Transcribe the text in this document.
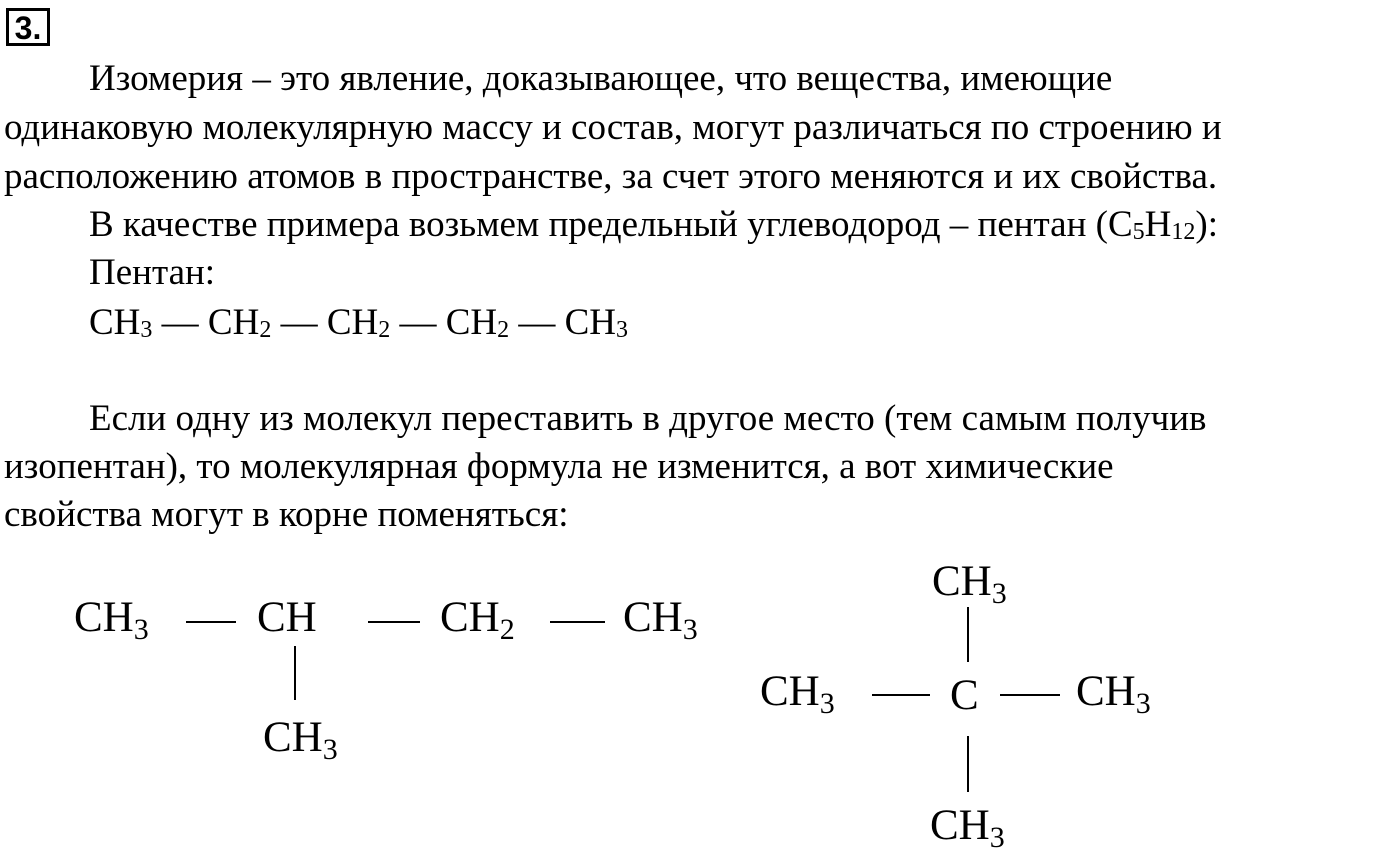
3.
Изомерия – это явление, доказывающее, что вещества, имеющие
одинаковую молекулярную массу и состав, могут различаться по строению и
расположению атомов в пространстве, за счет этого меняются и их свойства.
В качестве примера возьмем предельный углеводород – пентан $(C_5H_{12})$:
Пентан:
$CH_3$ — $CH_2$ — $CH_2$ — $CH_2$ — $CH_3$
Если одну из молекул переставить в другое место (тем самым получив
изопентан), то молекулярная формула не изменится, а вот химические
свойства могут в корне поменяться:
$CH_3$	CH	$CH_2$	$CH_3$
$CH_3$
$CH_3$
$CH_3$	C $CH_3$
$CH_3$
